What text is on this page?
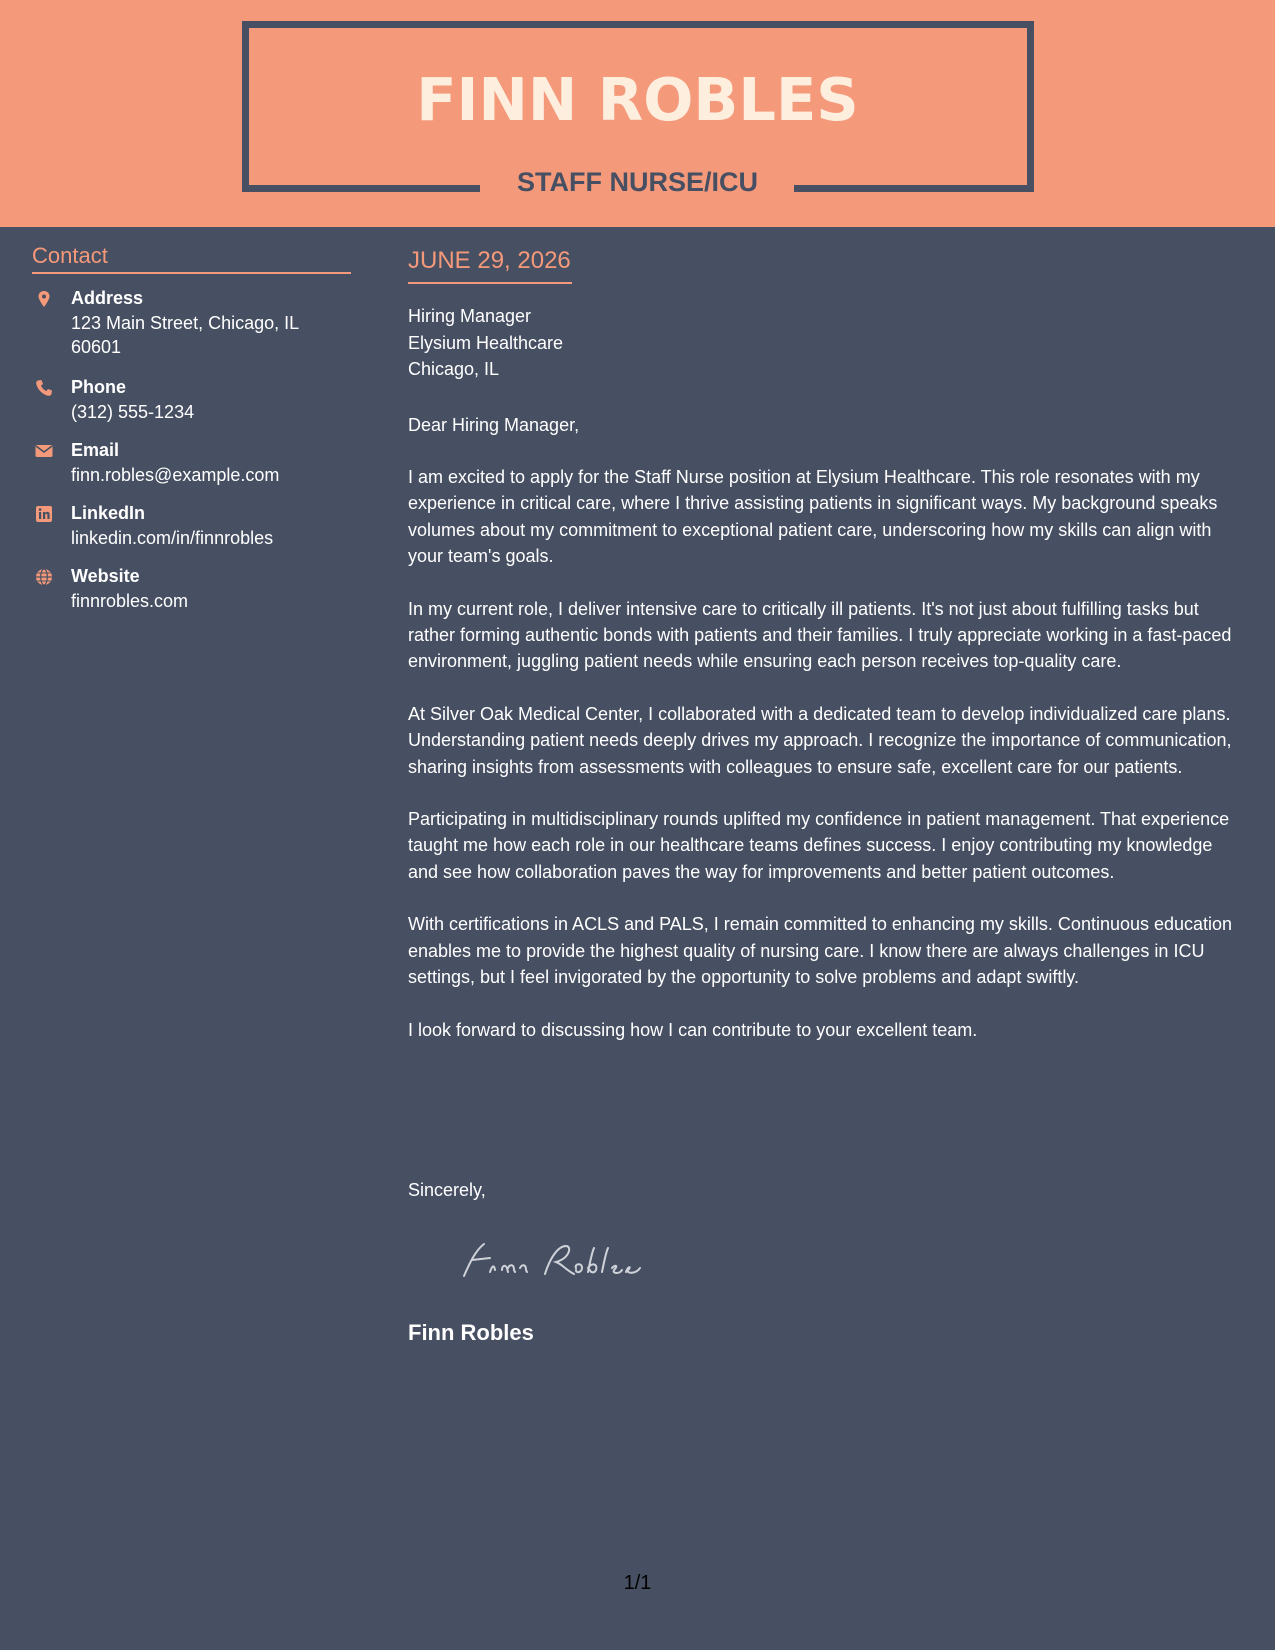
FINN ROBLES
STAFF NURSE/ICU
Contact
Address
123 Main Street, Chicago, IL 60601
Phone
(312) 555-1234
Email
finn.robles@example.com
LinkedIn
linkedin.com/in/finnrobles
Website
finnrobles.com
JUNE 29, 2026
Hiring Manager
Elysium Healthcare
Chicago, IL
Dear Hiring Manager,

I am excited to apply for the Staff Nurse position at Elysium Healthcare. This role resonates with my experience in critical care, where I thrive assisting patients in significant ways. My background speaks volumes about my commitment to exceptional patient care, underscoring how my skills can align with your team's goals.

In my current role, I deliver intensive care to critically ill patients. It's not just about fulfilling tasks but rather forming authentic bonds with patients and their families. I truly appreciate working in a fast-paced environment, juggling patient needs while ensuring each person receives top-quality care.

At Silver Oak Medical Center, I collaborated with a dedicated team to develop individualized care plans. Understanding patient needs deeply drives my approach. I recognize the importance of communication, sharing insights from assessments with colleagues to ensure safe, excellent care for our patients.

Participating in multidisciplinary rounds uplifted my confidence in patient management. That experience taught me how each role in our healthcare teams defines success. I enjoy contributing my knowledge and see how collaboration paves the way for improvements and better patient outcomes.

With certifications in ACLS and PALS, I remain committed to enhancing my skills. Continuous education enables me to provide the highest quality of nursing care. I know there are always challenges in ICU settings, but I feel invigorated by the opportunity to solve problems and adapt swiftly.

I look forward to discussing how I can contribute to your excellent team.

Sincerely,
Finn Robles
1/1
